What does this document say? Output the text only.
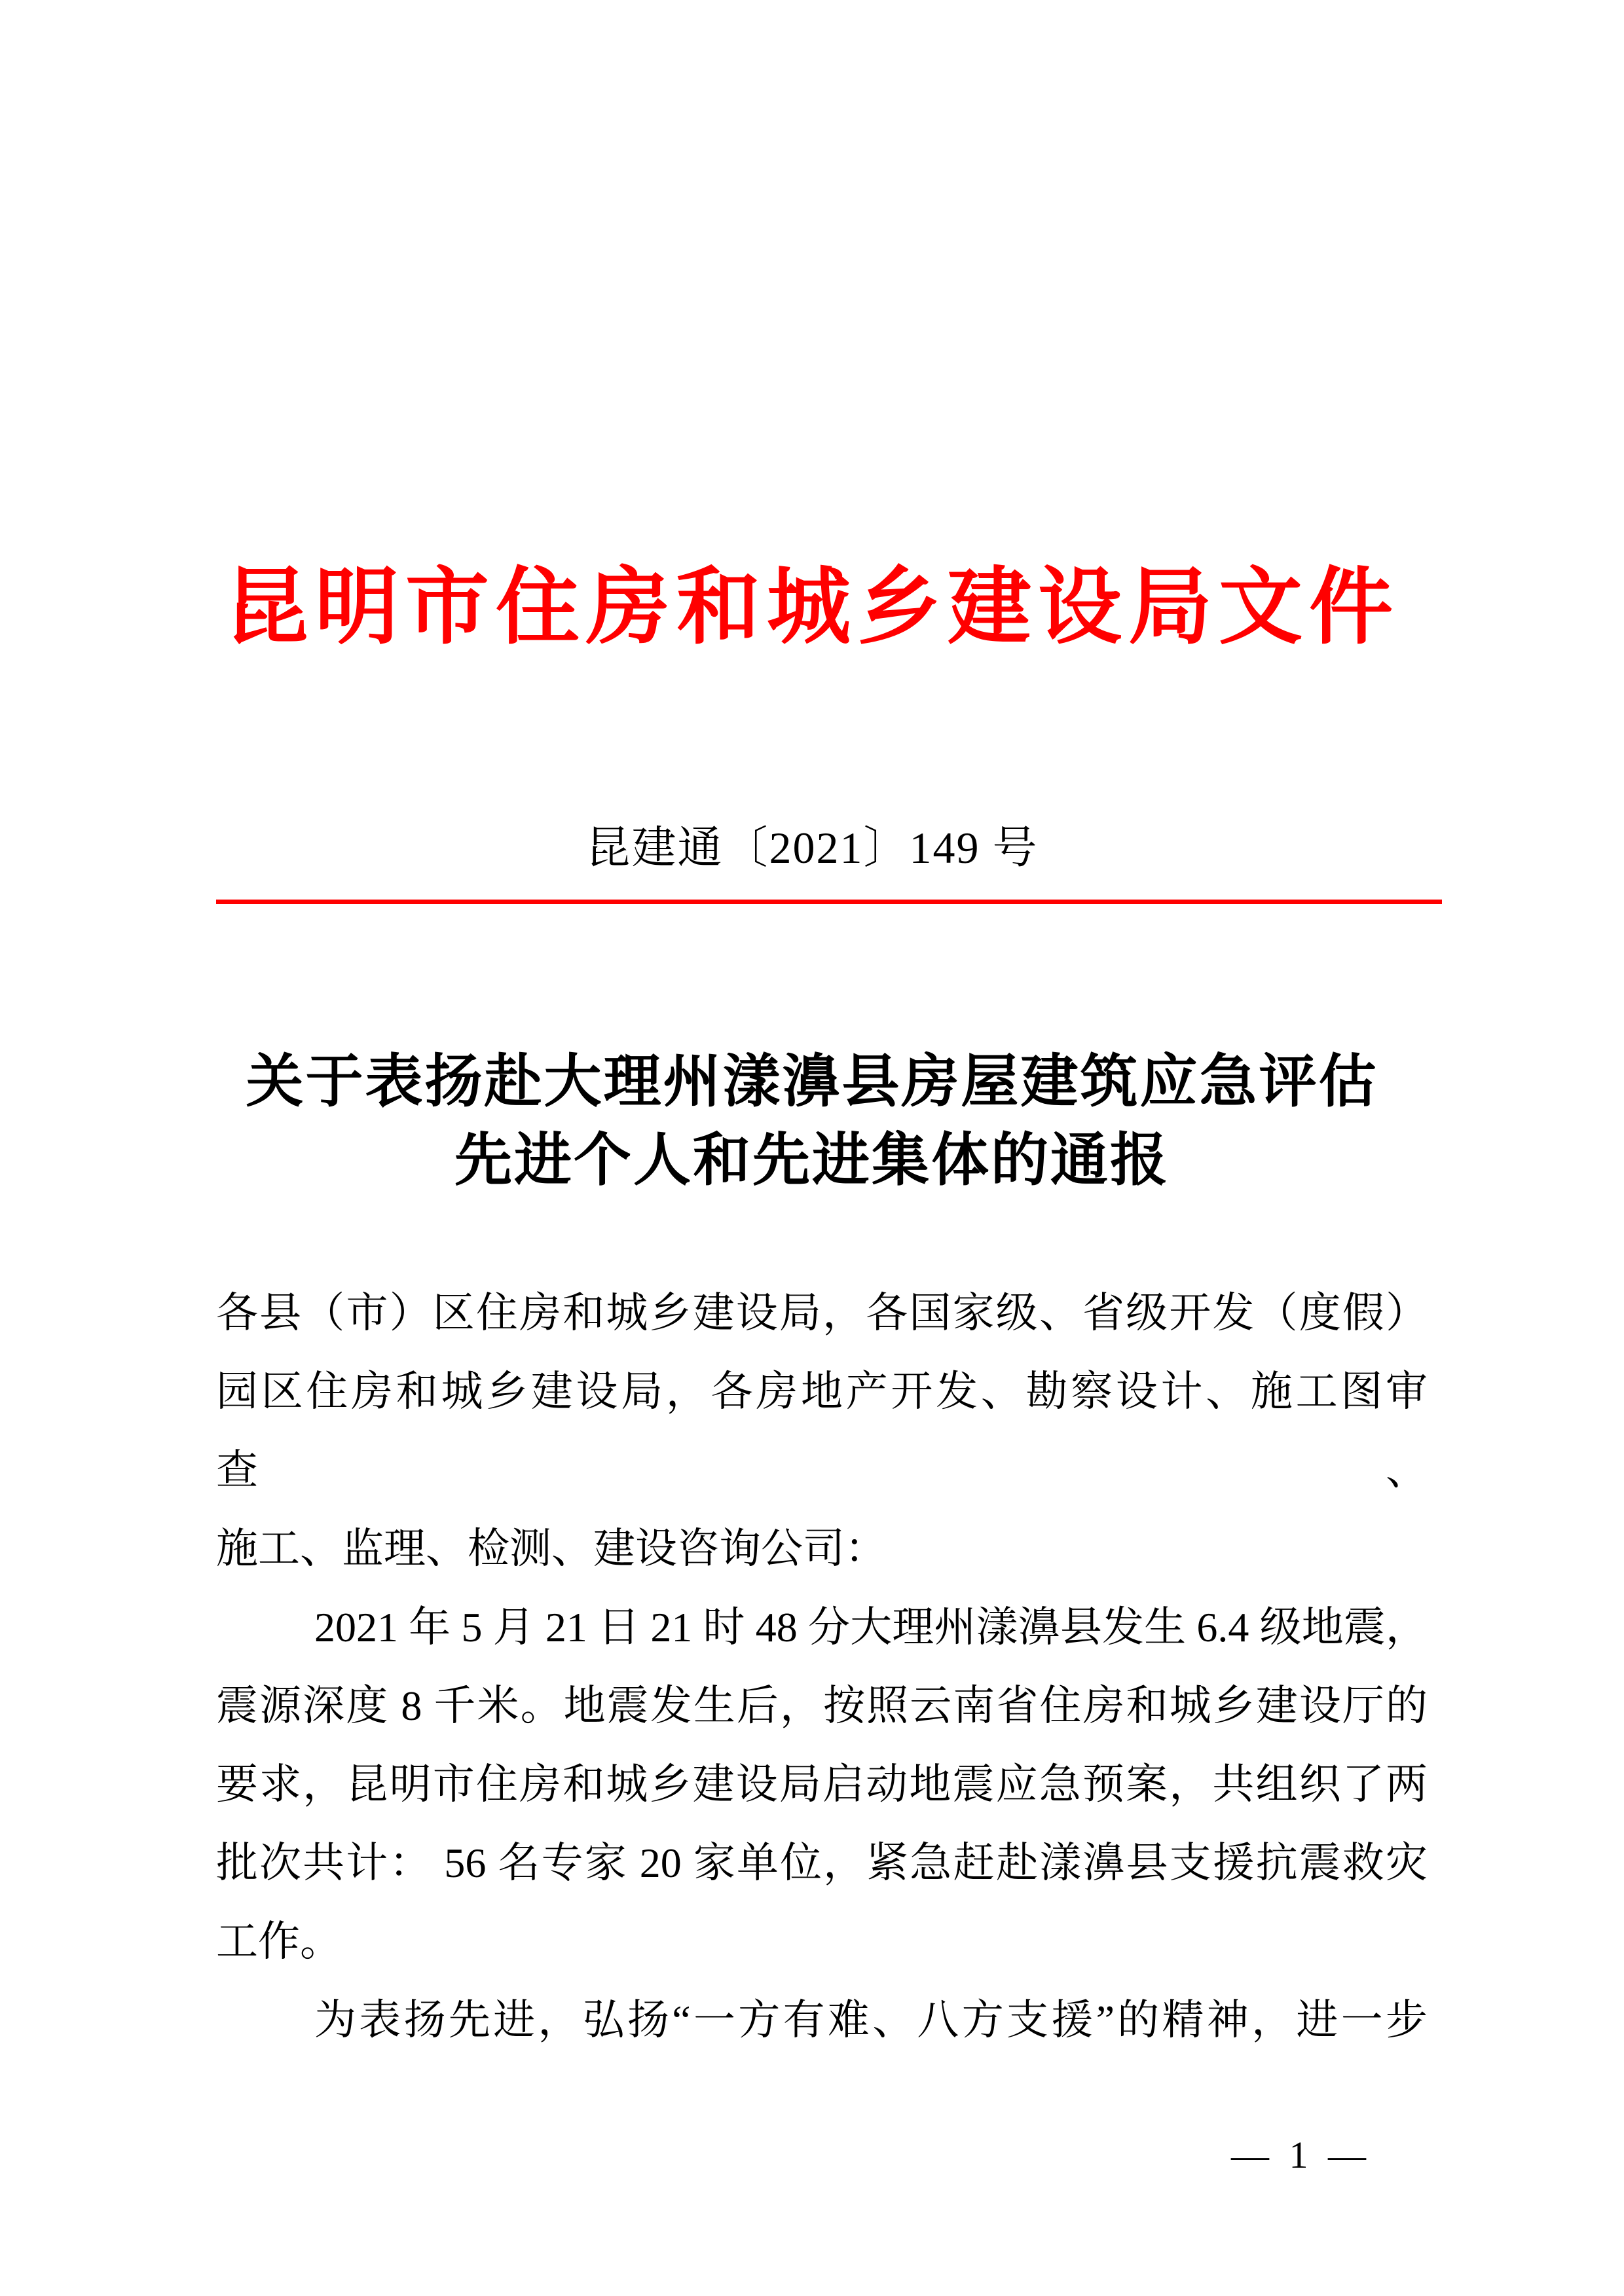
昆明市住房和城乡建设局文件
昆建通〔2021〕149 号
关于表扬赴大理州漾濞县房屋建筑应急评估
先进个人和先进集体的通报
各县（市）区住房和城乡建设局，各国家级、省级开发（度假）
园区住房和城乡建设局，各房地产开发、勘察设计、施工图审查、
施工、监理、检测、建设咨询公司：
2021 年 5 月 21 日 21 时 48 分大理州漾濞县发生 6.4 级地震，
震源深度 8 千米。地震发生后，按照云南省住房和城乡建设厅的
要求，昆明市住房和城乡建设局启动地震应急预案，共组织了两
批次共计： 56 名专家 20 家单位，紧急赶赴漾濞县支援抗震救灾
工作。
为表扬先进，弘扬“一方有难、八方支援”的精神，进一步
— 1 —
